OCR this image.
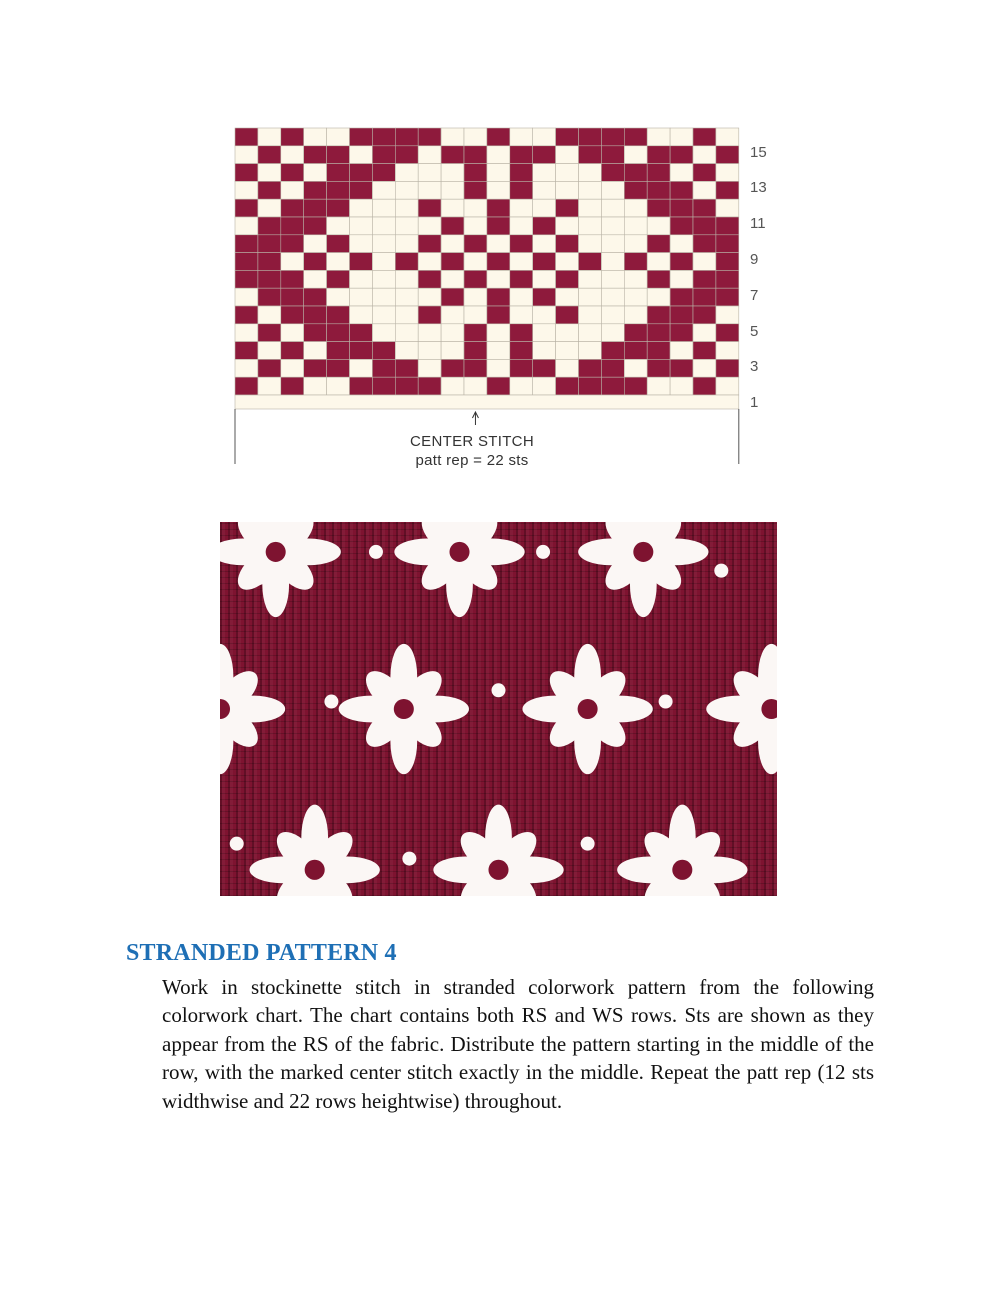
15
13
11
9
7
5
3
1
CENTER STITCH
patt rep = 22 sts
STRANDED PATTERN 4

Work in stockinette stitch in stranded colorwork pattern from the following colorwork chart. The chart contains both RS and WS rows. Sts are shown as they appear from the RS of the fabric. Distribute the pattern starting in the middle of the row, with the marked center stitch exactly in the middle. Repeat the patt rep (12 sts widthwise and 22 rows heightwise) throughout.
